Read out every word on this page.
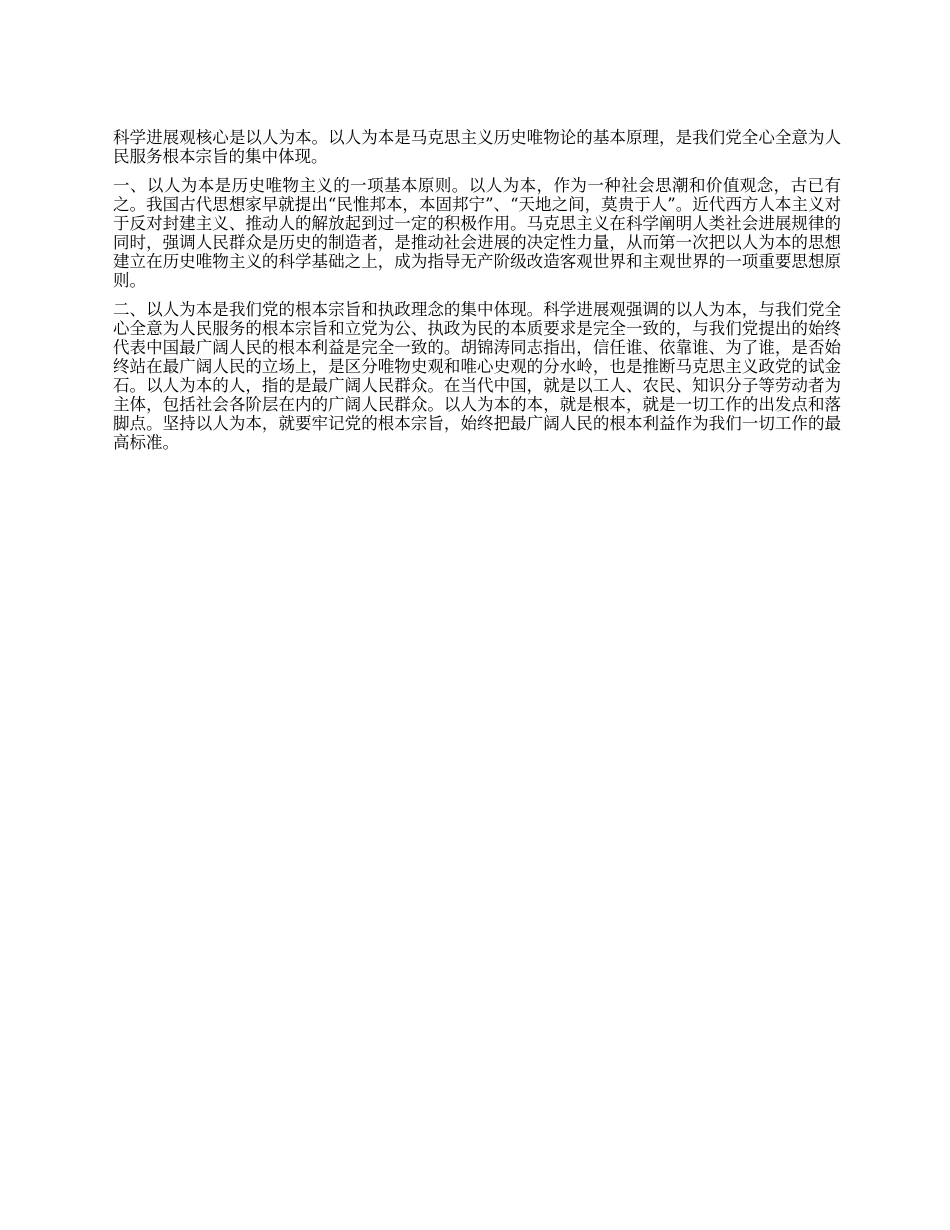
科学进展观核心是以人为本。以人为本是马克思主义历史唯物论的基本原理，是我们党全心全意为人民服务根本宗旨的集中体现。

一、以人为本是历史唯物主义的一项基本原则。以人为本，作为一种社会思潮和价值观念，古已有之。我国古代思想家早就提出“民惟邦本，本固邦宁”、“天地之间，莫贵于人”。近代西方人本主义对于反对封建主义、推动人的解放起到过一定的积极作用。马克思主义在科学阐明人类社会进展规律的同时，强调人民群众是历史的制造者，是推动社会进展的决定性力量，从而第一次把以人为本的思想建立在历史唯物主义的科学基础之上，成为指导无产阶级改造客观世界和主观世界的一项重要思想原则。

二、以人为本是我们党的根本宗旨和执政理念的集中体现。科学进展观强调的以人为本，与我们党全心全意为人民服务的根本宗旨和立党为公、执政为民的本质要求是完全一致的，与我们党提出的始终代表中国最广阔人民的根本利益是完全一致的。胡锦涛同志指出，信任谁、依靠谁、为了谁，是否始终站在最广阔人民的立场上，是区分唯物史观和唯心史观的分水岭，也是推断马克思主义政党的试金石。以人为本的人，指的是最广阔人民群众。在当代中国，就是以工人、农民、知识分子等劳动者为主体，包括社会各阶层在内的广阔人民群众。以人为本的本，就是根本，就是一切工作的出发点和落脚点。坚持以人为本，就要牢记党的根本宗旨，始终把最广阔人民的根本利益作为我们一切工作的最高标准。
